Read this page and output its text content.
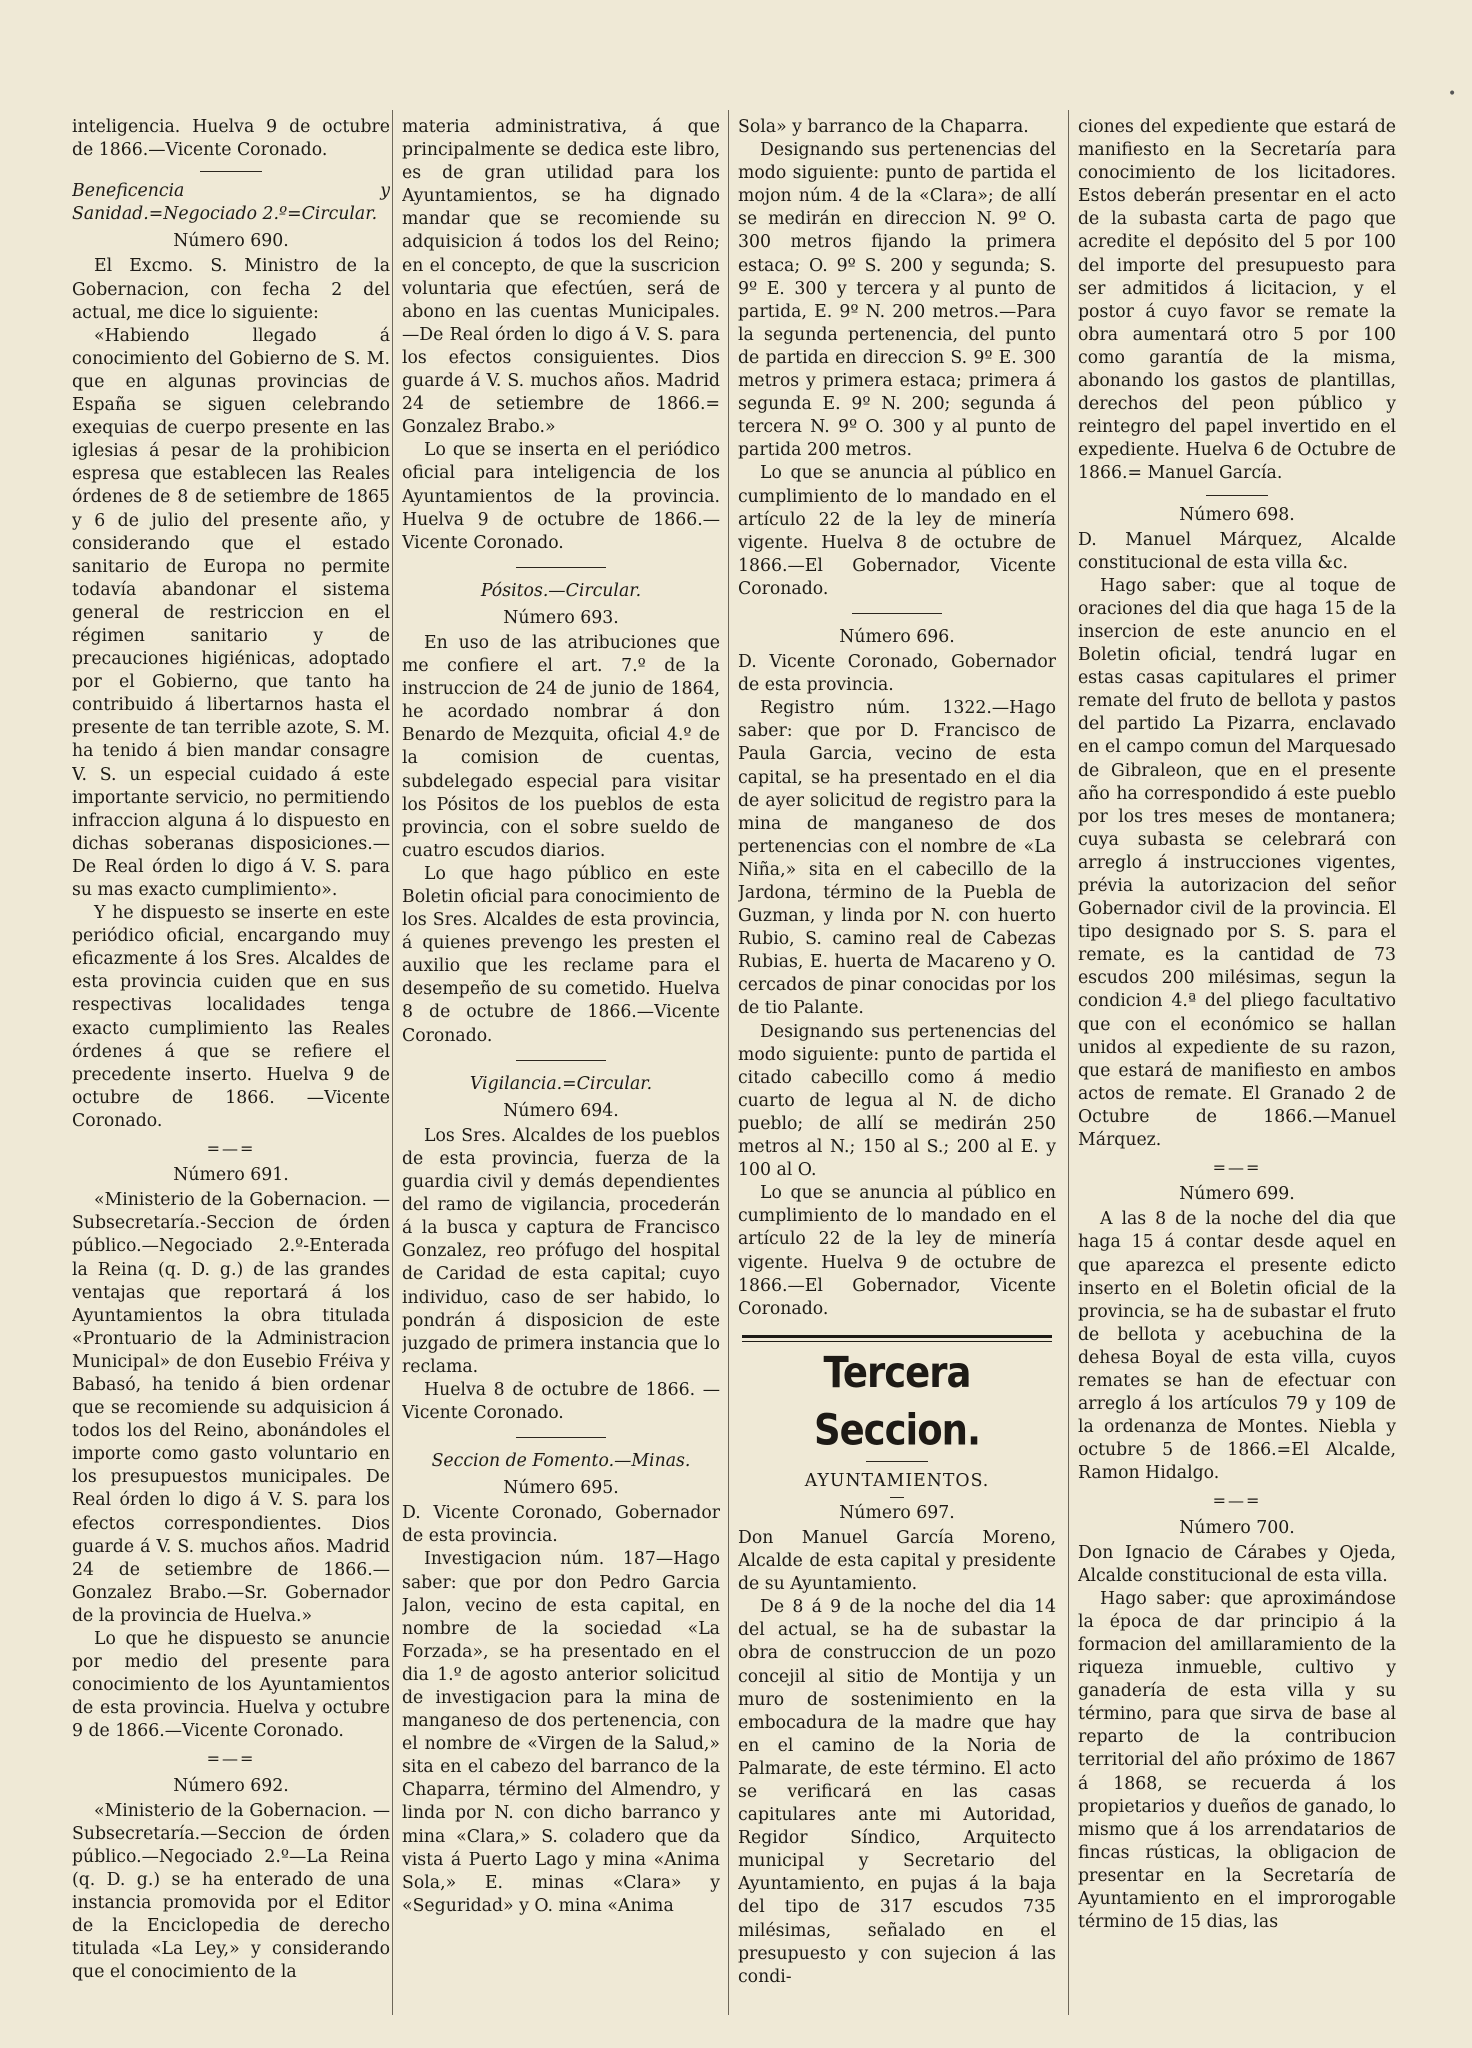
•

inteligencia. Huelva 9 de octubre de 1866.—Vicente Coronado.

Beneficencia y Sanidad.=Negociado 2.º=Circular.

Número 690.

El Excmo. S. Ministro de la Gobernacion, con fecha 2 del actual, me dice lo siguiente:

«Habiendo llegado á conocimiento del Gobierno de S. M. que en algunas provincias de España se siguen celebrando exequias de cuerpo presente en las iglesias á pesar de la prohibicion espresa que establecen las Reales órdenes de 8 de setiembre de 1865 y 6 de julio del presente año, y considerando que el estado sanitario de Europa no permite todavía abandonar el sistema general de restriccion en el régimen sanitario y de precauciones higiénicas, adoptado por el Gobierno, que tanto ha contribuido á libertarnos hasta el presente de tan terrible azote, S. M. ha tenido á bien mandar consagre V. S. un especial cuidado á este importante servicio, no permitiendo infraccion alguna á lo dispuesto en dichas soberanas disposiciones.—De Real órden lo digo á V. S. para su mas exacto cumplimiento».

Y he dispuesto se inserte en este periódico oficial, encargando muy eficazmente á los Sres. Alcaldes de esta provincia cuiden que en sus respectivas localidades tenga exacto cumplimiento las Reales órdenes á que se refiere el precedente inserto. Huelva 9 de octubre de 1866. —Vicente Coronado.

=—=

Número 691.

«Ministerio de la Gobernacion. —Subsecretaría.-Seccion de órden público.—Negociado 2.º-Enterada la Reina (q. D. g.) de las grandes ventajas que reportará á los Ayuntamientos la obra titulada «Prontuario de la Administracion Municipal» de don Eusebio Fréiva y Babasó, ha tenido á bien ordenar que se recomiende su adquisicion á todos los del Reino, abonándoles el importe como gasto voluntario en los presupuestos municipales. De Real órden lo digo á V. S. para los efectos correspondientes. Dios guarde á V. S. muchos años. Madrid 24 de setiembre de 1866.—Gonzalez Brabo.—Sr. Gobernador de la provincia de Huelva.»

Lo que he dispuesto se anuncie por medio del presente para conocimiento de los Ayuntamientos de esta provincia. Huelva y octubre 9 de 1866.—Vicente Coronado.

=—=

Número 692.

«Ministerio de la Gobernacion. —Subsecretaría.—Seccion de órden público.—Negociado 2.º—La Reina (q. D. g.) se ha enterado de una instancia promovida por el Editor de la Enciclopedia de derecho titulada «La Ley,» y considerando que el conocimiento de la

materia administrativa, á que principalmente se dedica este libro, es de gran utilidad para los Ayuntamientos, se ha dignado mandar que se recomiende su adquisicion á todos los del Reino; en el concepto, de que la suscricion voluntaria que efectúen, será de abono en las cuentas Municipales. —De Real órden lo digo á V. S. para los efectos consiguientes. Dios guarde á V. S. muchos años. Madrid 24 de setiembre de 1866.= Gonzalez Brabo.»

Lo que se inserta en el periódico oficial para inteligencia de los Ayuntamientos de la provincia. Huelva 9 de octubre de 1866.— Vicente Coronado.

Pósitos.—Circular.

Número 693.

En uso de las atribuciones que me confiere el art. 7.º de la instruccion de 24 de junio de 1864, he acordado nombrar á don Benardo de Mezquita, oficial 4.º de la comision de cuentas, subdelegado especial para visitar los Pósitos de los pueblos de esta provincia, con el sobre sueldo de cuatro escudos diarios.

Lo que hago público en este Boletin oficial para conocimiento de los Sres. Alcaldes de esta provincia, á quienes prevengo les presten el auxilio que les reclame para el desempeño de su cometido. Huelva 8 de octubre de 1866.—Vicente Coronado.

Vigilancia.=Circular.

Número 694.

Los Sres. Alcaldes de los pueblos de esta provincia, fuerza de la guardia civil y demás dependientes del ramo de vigilancia, procederán á la busca y captura de Francisco Gonzalez, reo prófugo del hospital de Caridad de esta capital; cuyo individuo, caso de ser habido, lo pondrán á disposicion de este juzgado de primera instancia que lo reclama.

Huelva 8 de octubre de 1866. —Vicente Coronado.

Seccion de Fomento.—Minas.

Número 695.

D. Vicente Coronado, Gobernador de esta provincia.

Investigacion núm. 187—Hago saber: que por don Pedro Garcia Jalon, vecino de esta capital, en nombre de la sociedad «La Forzada», se ha presentado en el dia 1.º de agosto anterior solicitud de investigacion para la mina de manganeso de dos pertenencia, con el nombre de «Virgen de la Salud,» sita en el cabezo del barranco de la Chaparra, término del Almendro, y linda por N. con dicho barranco y mina «Clara,» S. coladero que da vista á Puerto Lago y mina «Anima Sola,» E. minas «Clara» y «Seguridad» y O. mina «Anima

Sola» y barranco de la Chaparra.

Designando sus pertenencias del modo siguiente: punto de partida el mojon núm. 4 de la «Clara»; de allí se medirán en direccion N. 9º O. 300 metros fijando la primera estaca; O. 9º S. 200 y segunda; S. 9º E. 300 y tercera y al punto de partida, E. 9º N. 200 metros.—Para la segunda pertenencia, del punto de partida en direccion S. 9º E. 300 metros y primera estaca; primera á segunda E. 9º N. 200; segunda á tercera N. 9º O. 300 y al punto de partida 200 metros.

Lo que se anuncia al público en cumplimiento de lo mandado en el artículo 22 de la ley de minería vigente. Huelva 8 de octubre de 1866.—El Gobernador, Vicente Coronado.

Número 696.

D. Vicente Coronado, Gobernador de esta provincia.

Registro núm. 1322.—Hago saber: que por D. Francisco de Paula Garcia, vecino de esta capital, se ha presentado en el dia de ayer solicitud de registro para la mina de manganeso de dos pertenencias con el nombre de «La Niña,» sita en el cabecillo de la Jardona, término de la Puebla de Guzman, y linda por N. con huerto Rubio, S. camino real de Cabezas Rubias, E. huerta de Macareno y O. cercados de pinar conocidas por los de tio Palante.

Designando sus pertenencias del modo siguiente: punto de partida el citado cabecillo como á medio cuarto de legua al N. de dicho pueblo; de allí se medirán 250 metros al N.; 150 al S.; 200 al E. y 100 al O.

Lo que se anuncia al público en cumplimiento de lo mandado en el artículo 22 de la ley de minería vigente. Huelva 9 de octubre de 1866.—El Gobernador, Vicente Coronado.

Tercera Seccion.

AYUNTAMIENTOS.

Número 697.

Don Manuel García Moreno, Alcalde de esta capital y presidente de su Ayuntamiento.

De 8 á 9 de la noche del dia 14 del actual, se ha de subastar la obra de construccion de un pozo concejil al sitio de Montija y un muro de sostenimiento en la embocadura de la madre que hay en el camino de la Noria de Palmarate, de este término. El acto se verificará en las casas capitulares ante mi Autoridad, Regidor Síndico, Arquitecto municipal y Secretario del Ayuntamiento, en pujas á la baja del tipo de 317 escudos 735 milésimas, señalado en el presupuesto y con sujecion á las condi-

ciones del expediente que estará de manifiesto en la Secretaría para conocimiento de los licitadores. Estos deberán presentar en el acto de la subasta carta de pago que acredite el depósito del 5 por 100 del importe del presupuesto para ser admitidos á licitacion, y el postor á cuyo favor se remate la obra aumentará otro 5 por 100 como garantía de la misma, abonando los gastos de plantillas, derechos del peon público y reintegro del papel invertido en el expediente. Huelva 6 de Octubre de 1866.= Manuel García.

Número 698.

D. Manuel Márquez, Alcalde constitucional de esta villa &c.

Hago saber: que al toque de oraciones del dia que haga 15 de la insercion de este anuncio en el Boletin oficial, tendrá lugar en estas casas capitulares el primer remate del fruto de bellota y pastos del partido La Pizarra, enclavado en el campo comun del Marquesado de Gibraleon, que en el presente año ha correspondido á este pueblo por los tres meses de montanera; cuya subasta se celebrará con arreglo á instrucciones vigentes, prévia la autorizacion del señor Gobernador civil de la provincia. El tipo designado por S. S. para el remate, es la cantidad de 73 escudos 200 milésimas, segun la condicion 4.ª del pliego facultativo que con el económico se hallan unidos al expediente de su razon, que estará de manifiesto en ambos actos de remate. El Granado 2 de Octubre de 1866.—Manuel Márquez.

=—=

Número 699.

A las 8 de la noche del dia que haga 15 á contar desde aquel en que aparezca el presente edicto inserto en el Boletin oficial de la provincia, se ha de subastar el fruto de bellota y acebuchina de la dehesa Boyal de esta villa, cuyos remates se han de efectuar con arreglo á los artículos 79 y 109 de la ordenanza de Montes. Niebla y octubre 5 de 1866.=El Alcalde, Ramon Hidalgo.

=—=

Número 700.

Don Ignacio de Cárabes y Ojeda, Alcalde constitucional de esta villa.

Hago saber: que aproximándose la época de dar principio á la formacion del amillaramiento de la riqueza inmueble, cultivo y ganadería de esta villa y su término, para que sirva de base al reparto de la contribucion territorial del año próximo de 1867 á 1868, se recuerda á los propietarios y dueños de ganado, lo mismo que á los arrendatarios de fincas rústicas, la obligacion de presentar en la Secretaría de Ayuntamiento en el improrogable término de 15 dias, las
